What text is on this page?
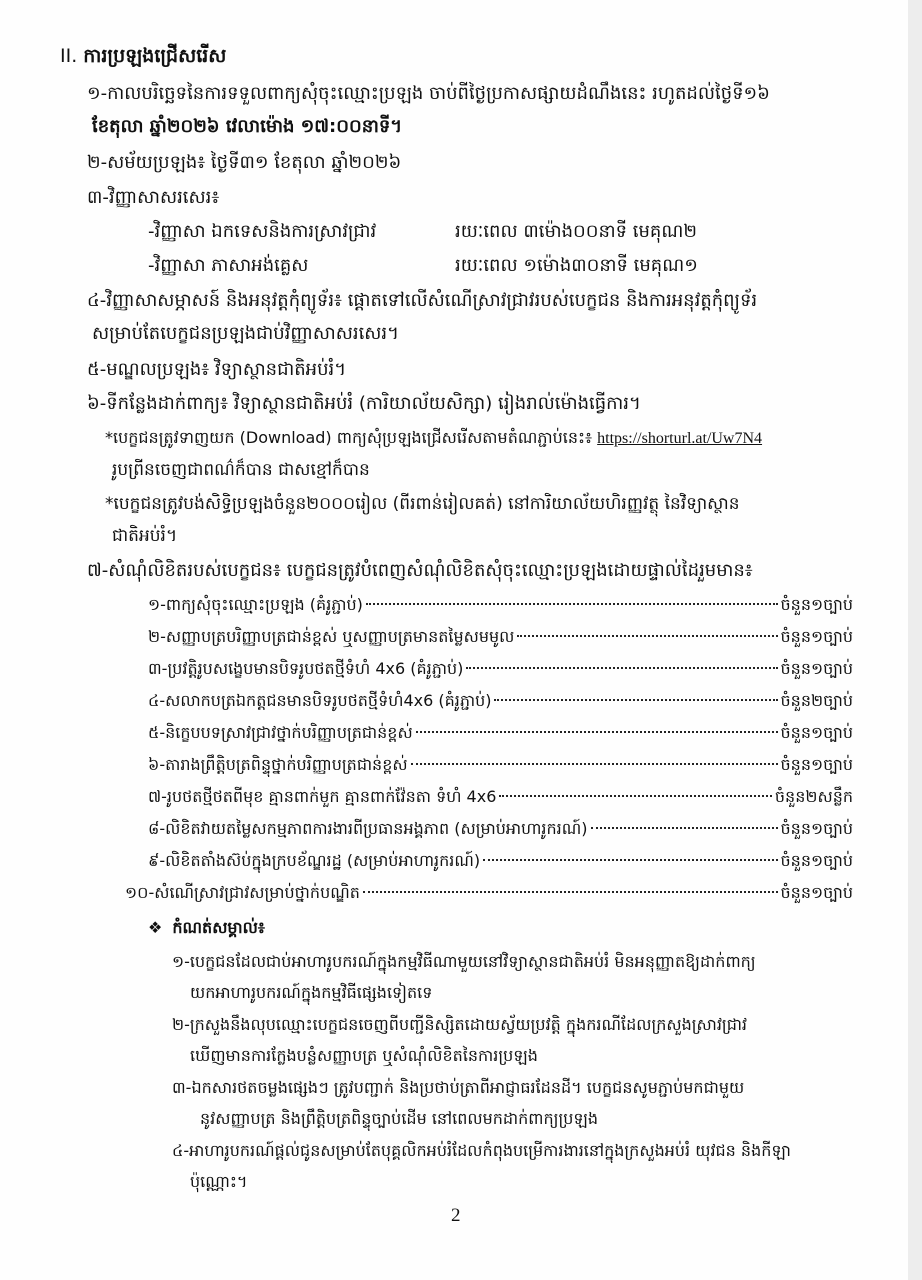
II. ការប្រឡងជ្រើសរើស
១-កាលបរិច្ឆេទនៃការទទួលពាក្យសុំចុះឈ្មោះប្រឡង ចាប់ពីថ្ងៃប្រកាសផ្សាយដំណឹងនេះ រហូតដល់ថ្ងៃទី១៦
ខែតុលា ឆ្នាំ២០២៦ វេលាម៉ោង ១៧:០០នាទី។
២-សម័យប្រឡង៖ ថ្ងៃទី៣១ ខែតុលា ឆ្នាំ២០២៦
៣-វិញ្ញាសាសរសេរ៖
-វិញ្ញាសា ឯកទេសនិងការស្រាវជ្រាវ	រយៈពេល ៣ម៉ោង០០នាទី មេគុណ២
-វិញ្ញាសា ភាសាអង់គ្លេស	រយៈពេល ១ម៉ោង៣០នាទី មេគុណ១
៤-វិញ្ញាសាសម្ភាសន៍ និងអនុវត្តកុំព្យូទ័រ៖ ផ្តោតទៅលើសំណើស្រាវជ្រាវរបស់បេក្ខជន និងការអនុវត្តកុំព្យូទ័រ
សម្រាប់តែបេក្ខជនប្រឡងជាប់វិញ្ញាសាសរសេរ។
៥-មណ្ឌលប្រឡង៖ វិទ្យាស្ថានជាតិអប់រំ។
៦-ទីកន្លែងដាក់ពាក្យ៖ វិទ្យាស្ថានជាតិអប់រំ (ការិយាល័យសិក្សា) រៀងរាល់ម៉ោងធ្វើការ។
*បេក្ខជនត្រូវទាញយក (Download) ពាក្យសុំប្រឡងជ្រើសរើសតាមតំណភ្ជាប់នេះ៖ https://shorturl.at/Uw7N4
រូបព្រីនចេញជាពណ៌ក៏បាន ជាសខ្មៅក៏បាន
*បេក្ខជនត្រូវបង់សិទ្ធិប្រឡងចំនួន២០០០រៀល (ពីរពាន់រៀលគត់) នៅការិយាល័យហិរញ្ញវត្ថុ នៃវិទ្យាស្ថាន
ជាតិអប់រំ។
៧-សំណុំលិខិតរបស់បេក្ខជន៖ បេក្ខជនត្រូវបំពេញសំណុំលិខិតសុំចុះឈ្មោះប្រឡងដោយផ្ទាល់ដៃរួមមាន៖
១-ពាក្យសុំចុះឈ្មោះប្រឡង (គំរូភ្ជាប់)	ចំនួន១ច្បាប់
២-សញ្ញាបត្របរិញ្ញាបត្រជាន់ខ្ពស់ ឬសញ្ញាបត្រមានតម្លៃសមមូល	ចំនួន១ច្បាប់
៣-ប្រវត្តិរូបសង្ខេបមានបិទរូបថតថ្មីទំហំ 4x6 (គំរូភ្ជាប់)	ចំនួន១ច្បាប់
៤-សលាកបត្រឯកត្តជនមានបិទរូបថតថ្មីទំហំ4x6 (គំរូភ្ជាប់)	ចំនួន២ច្បាប់
៥-និក្ខេបបទស្រាវជ្រាវថ្នាក់បរិញ្ញាបត្រជាន់ខ្ពស់	ចំនួន១ច្បាប់
៦-តារាងព្រឹត្តិបត្រពិន្ទុថ្នាក់បរិញ្ញាបត្រជាន់ខ្ពស់	ចំនួន១ច្បាប់
៧-រូបថតថ្មីថតពីមុខ គ្មានពាក់មួក គ្មានពាក់វ៉ែនតា ទំហំ 4x6	ចំនួន២សន្លឹក
៨-លិខិតវាយតម្លៃសកម្មភាពការងារពីប្រធានអង្គភាព (សម្រាប់អាហារូករណ៍)	ចំនួន១ច្បាប់
៩-លិខិតតាំងស៊ប់ក្នុងក្របខ័ណ្ឌរដ្ឋ (សម្រាប់អាហារូករណ៍)	ចំនួន១ច្បាប់
១០-សំណើស្រាវជ្រាវសម្រាប់ថ្នាក់បណ្ឌិត	ចំនួន១ច្បាប់
❖ កំណត់សម្គាល់៖
១-បេក្ខជនដែលជាប់អាហារូបករណ៍ក្នុងកម្មវិធីណាមួយនៅវិទ្យាស្ថានជាតិអប់រំ មិនអនុញ្ញាតឱ្យដាក់ពាក្យ
យកអាហារូបករណ៍ក្នុងកម្មវិធីផ្សេងទៀតទេ
២-ក្រសួងនឹងលុបឈ្មោះបេក្ខជនចេញពីបញ្ជីនិស្សិតដោយស្វ័យប្រវត្តិ ក្នុងករណីដែលក្រសួងស្រាវជ្រាវ
ឃើញមានការក្លែងបន្លំសញ្ញាបត្រ ឬសំណុំលិខិតនៃការប្រឡង
៣-ឯកសារថតចម្លងផ្សេងៗ ត្រូវបញ្ជាក់ និងប្រថាប់ត្រាពីអាជ្ញាធរដែនដី។ បេក្ខជនសូមភ្ជាប់មកជាមួយ
នូវសញ្ញាបត្រ និងព្រឹត្តិបត្រពិន្ទុច្បាប់ដើម នៅពេលមកដាក់ពាក្យប្រឡង
៤-អាហារូបករណ៍ផ្តល់ជូនសម្រាប់តែបុគ្គលិកអប់រំដែលកំពុងបម្រើការងារនៅក្នុងក្រសួងអប់រំ យុវជន និងកីឡា
ប៉ុណ្ណោះ។
2
